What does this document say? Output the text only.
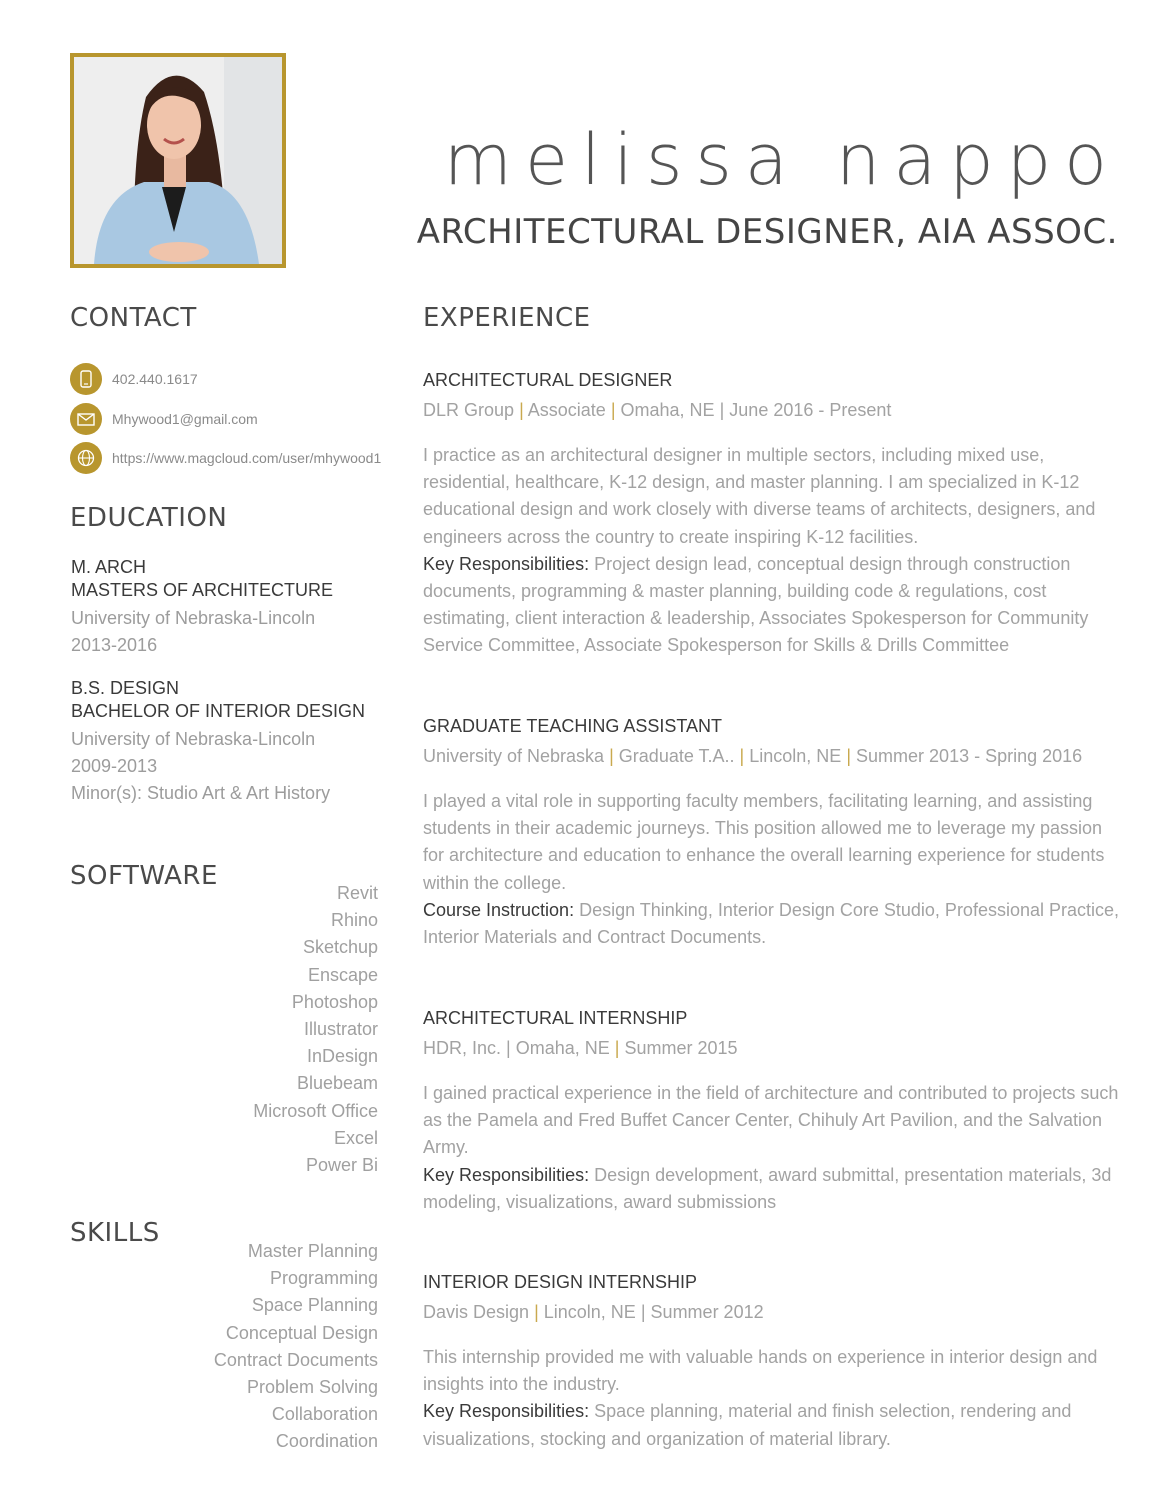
melissa nappo
ARCHITECTURAL DESIGNER, AIA ASSOC.
CONTACT
402.440.1617
Mhywood1@gmail.com
https://www.magcloud.com/user/mhywood1
EDUCATION
M. ARCH
MASTERS OF ARCHITECTURE
University of Nebraska-Lincoln
2013-2016
B.S. DESIGN
BACHELOR OF INTERIOR DESIGN
University of Nebraska-Lincoln
2009-2013
Minor(s): Studio Art & Art History
SOFTWARE
Revit
Rhino
Sketchup
Enscape
Photoshop
Illustrator
InDesign
Bluebeam
Microsoft Office
Excel
Power Bi
SKILLS
Master Planning
Programming
Space Planning
Conceptual Design
Contract Documents
Problem Solving
Collaboration
Coordination
EXPERIENCE
ARCHITECTURAL DESIGNER
DLR Group | Associate | Omaha, NE | June 2016 - Present
I practice as an architectural designer in multiple sectors, including mixed use, residential, healthcare, K-12 design, and master planning. I am specialized in K-12 educational design and work closely with diverse teams of architects, designers, and engineers across the country to create inspiring K-12 facilities.
Key Responsibilities: Project design lead, conceptual design through construction documents, programming & master planning, building code & regulations, cost estimating, client interaction & leadership, Associates Spokesperson for Community Service Committee, Associate Spokesperson for Skills & Drills Committee
GRADUATE TEACHING ASSISTANT
University of Nebraska | Graduate T.A.. | Lincoln, NE | Summer 2013 - Spring 2016
I played a vital role in supporting faculty members, facilitating learning, and assisting students in their academic journeys. This position allowed me to leverage my passion for architecture and education to enhance the overall learning experience for students within the college.
Course Instruction: Design Thinking, Interior Design Core Studio, Professional Practice, Interior Materials and Contract Documents.
ARCHITECTURAL INTERNSHIP
HDR, Inc. | Omaha, NE | Summer 2015
I gained practical experience in the field of architecture and contributed to projects such as the Pamela and Fred Buffet Cancer Center, Chihuly Art Pavilion, and the Salvation Army.
Key Responsibilities: Design development, award submittal, presentation materials, 3d modeling, visualizations, award submissions
INTERIOR DESIGN INTERNSHIP
Davis Design | Lincoln, NE | Summer 2012
This internship provided me with valuable hands on experience in interior design and insights into the industry.
Key Responsibilities: Space planning, material and finish selection, rendering and visualizations, stocking and organization of material library.
